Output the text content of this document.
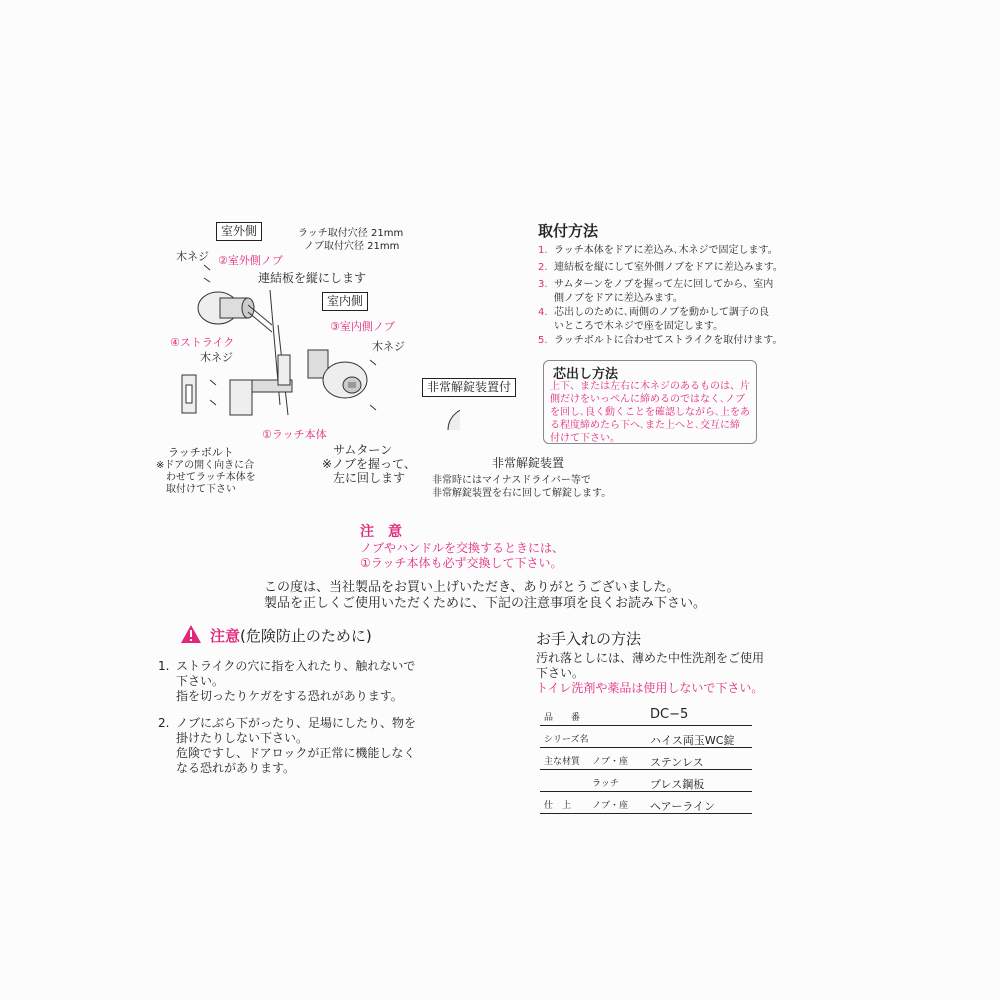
室外側	ラッチ取付穴径 21mm
ノブ取付穴径 21mm
木ネジ ②室外側ノブ
連結板を縦にします
室内側
③室内側ノブ
木ネジ
④ストライク
木ネジ
①ラッチ本体
ラッチボルト
※ドアの開く向きに合
わせてラッチ本体を
取付けて下さい
サムターン
※ノブを握って、
左に回します
非常解錠装置付
非常解錠装置
非常時にはマイナスドライバー等で
非常解錠装置を右に回して解錠します。
取付方法
1. ラッチ本体をドアに差込み､木ネジで固定します。
2. 連結板を縦にして室外側ノブをドアに差込みます。
3. サムターンをノブを握って左に回してから、室内
側ノブをドアに差込みます。
4. 芯出しのために､両側のノブを動かして調子の良
いところで木ネジで座を固定します。
5. ラッチボルトに合わせてストライクを取付けます。
芯出し方法
上下、または左右に木ネジのあるものは、片
側だけをいっぺんに締めるのではなく､ノブ
を回し､良く動くことを確認しながら､上をあ
る程度締めたら下へ､また上へと､交互に締
付けて下さい。
注　意
ノブやハンドルを交換するときには、
①ラッチ本体も必ず交換して下さい。
この度は、当社製品をお買い上げいただき、ありがとうございました。
製品を正しくご使用いただくために、下記の注意事項を良くお読み下さい。
注意(危険防止のために)
1. ストライクの穴に指を入れたり、触れないで
下さい。
指を切ったりケガをする恐れがあります。
2. ノブにぶら下がったり、足場にしたり、物を
掛けたりしない下さい。
危険ですし、ドアロックが正常に機能しなく
なる恐れがあります。
お手入れの方法
汚れ落としには、薄めた中性洗剤をご使用
下さい。
トイレ洗剤や薬品は使用しないで下さい。
品　　番	DC−5
シリーズ名	ハイス両玉WC錠
主な材質 ノブ・座 ステンレス
ラッチ	プレス鋼板
仕　上 ノブ・座 ヘアーライン
